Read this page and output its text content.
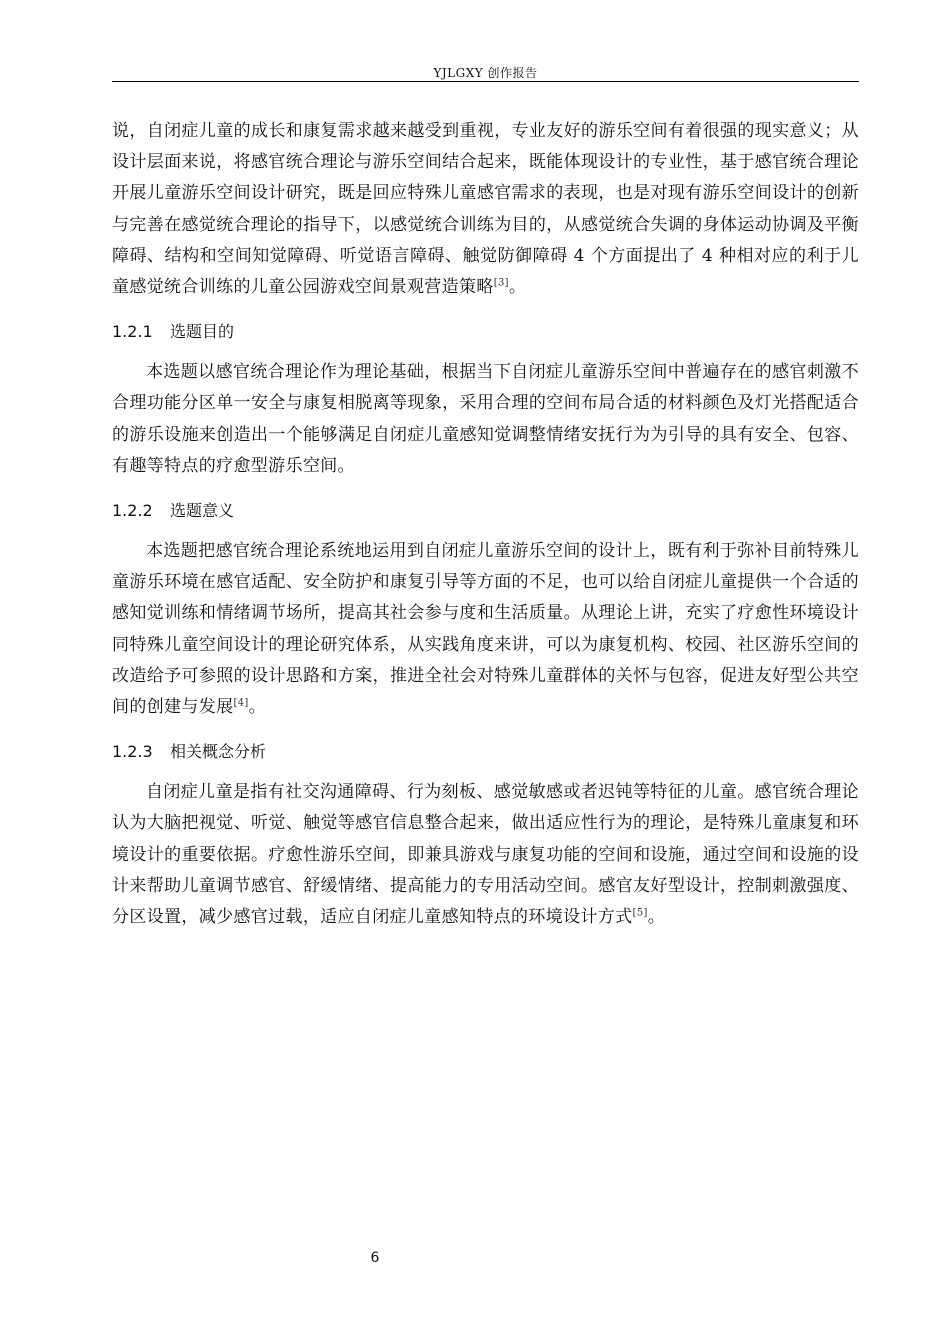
YJLGXY 创作报告

说，自闭症儿童的成长和康复需求越来越受到重视，专业友好的游乐空间有着很强的现实意义；从设计层面来说，将感官统合理论与游乐空间结合起来，既能体现设计的专业性，基于感官统合理论开展儿童游乐空间设计研究，既是回应特殊儿童感官需求的表现，也是对现有游乐空间设计的创新与完善在感觉统合理论的指导下，以感觉统合训练为目的，从感觉统合失调的身体运动协调及平衡障碍、结构和空间知觉障碍、听觉语言障碍、触觉防御障碍 4 个方面提出了 4 种相对应的利于儿童感觉统合训练的儿童公园游戏空间景观营造策略[3]。

1.2.1 选题目的

本选题以感官统合理论作为理论基础，根据当下自闭症儿童游乐空间中普遍存在的感官刺激不合理功能分区单一安全与康复相脱离等现象，采用合理的空间布局合适的材料颜色及灯光搭配适合的游乐设施来创造出一个能够满足自闭症儿童感知觉调整情绪安抚行为为引导的具有安全、包容、有趣等特点的疗愈型游乐空间。

1.2.2 选题意义

本选题把感官统合理论系统地运用到自闭症儿童游乐空间的设计上，既有利于弥补目前特殊儿童游乐环境在感官适配、安全防护和康复引导等方面的不足，也可以给自闭症儿童提供一个合适的感知觉训练和情绪调节场所，提高其社会参与度和生活质量。从理论上讲，充实了疗愈性环境设计同特殊儿童空间设计的理论研究体系，从实践角度来讲，可以为康复机构、校园、社区游乐空间的改造给予可参照的设计思路和方案，推进全社会对特殊儿童群体的关怀与包容，促进友好型公共空间的创建与发展[4]。

1.2.3 相关概念分析

自闭症儿童是指有社交沟通障碍、行为刻板、感觉敏感或者迟钝等特征的儿童。感官统合理论认为大脑把视觉、听觉、触觉等感官信息整合起来，做出适应性行为的理论，是特殊儿童康复和环境设计的重要依据。疗愈性游乐空间，即兼具游戏与康复功能的空间和设施，通过空间和设施的设计来帮助儿童调节感官、舒缓情绪、提高能力的专用活动空间。感官友好型设计，控制刺激强度、分区设置，减少感官过载，适应自闭症儿童感知特点的环境设计方式[5]。

6
